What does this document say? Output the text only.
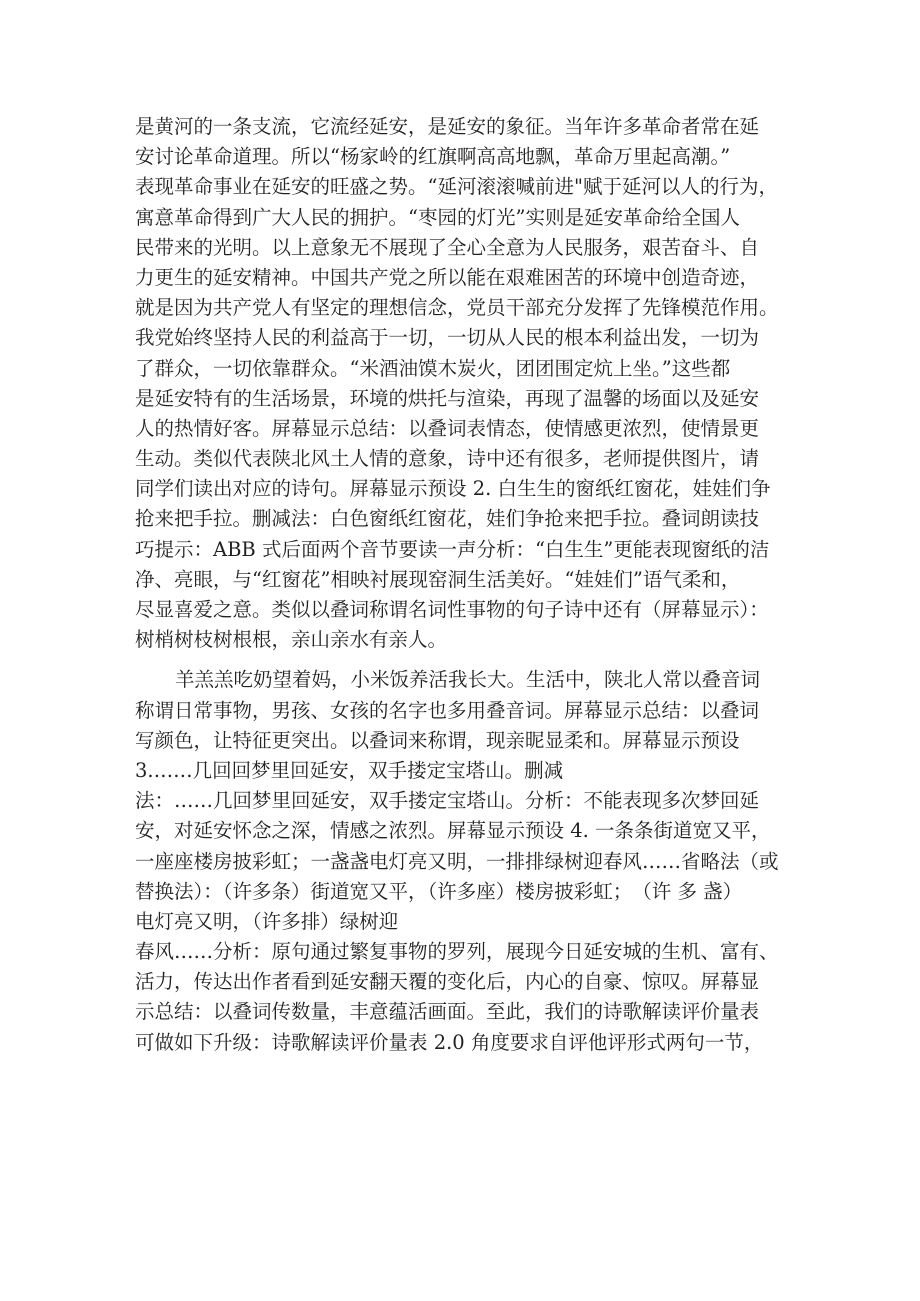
是黄河的一条支流，它流经延安，是延安的象征。当年许多革命者常在延
安讨论革命道理。所以“杨家岭的红旗啊高高地飘，革命万里起高潮。”
表现革命事业在延安的旺盛之势。“延河滚滚喊前进"赋于延河以人的行为，
寓意革命得到广大人民的拥护。“枣园的灯光”实则是延安革命给全国人
民带来的光明。以上意象无不展现了全心全意为人民服务，艰苦奋斗、自
力更生的延安精神。中国共产党之所以能在艰难困苦的环境中创造奇迹，
就是因为共产党人有坚定的理想信念，党员干部充分发挥了先锋模范作用。
我党始终坚持人民的利益高于一切，一切从人民的根本利益出发，一切为
了群众，一切依靠群众。“米酒油馍木炭火，团团围定炕上坐。”这些都
是延安特有的生活场景，环境的烘托与渲染，再现了温馨的场面以及延安
人的热情好客。屏幕显示总结：以叠词表情态，使情感更浓烈，使情景更
生动。类似代表陕北风土人情的意象，诗中还有很多，老师提供图片，请
同学们读出对应的诗句。屏幕显示预设 2. 白生生的窗纸红窗花，娃娃们争
抢来把手拉。删减法：白色窗纸红窗花，娃们争抢来把手拉。叠词朗读技
巧提示：ABB 式后面两个音节要读一声分析：“白生生”更能表现窗纸的洁
净、亮眼，与“红窗花”相映衬展现窑洞生活美好。“娃娃们”语气柔和，
尽显喜爱之意。类似以叠词称谓名词性事物的句子诗中还有（屏幕显示）：
树梢树枝树根根，亲山亲水有亲人。
羊羔羔吃奶望着妈，小米饭养活我长大。生活中，陕北人常以叠音词
称谓日常事物，男孩、女孩的名字也多用叠音词。屏幕显示总结：以叠词
写颜色，让特征更突出。以叠词来称谓，现亲昵显柔和。屏幕显示预设
3.……几回回梦里回延安，双手搂定宝塔山。删减
法：……几回梦里回延安，双手搂定宝塔山。分析：不能表现多次梦回延
安，对延安怀念之深，情感之浓烈。屏幕显示预设 4. 一条条街道宽又平，
一座座楼房披彩虹；一盏盏电灯亮又明，一排排绿树迎春风……省略法（或
替换法）：（许多条）街道宽又平，（许多座）楼房披彩虹；　（许 多 盏）
电灯亮又明，（许多排）绿树迎
春风……分析：原句通过繁复事物的罗列，展现今日延安城的生机、富有、
活力，传达出作者看到延安翻天覆的变化后，内心的自豪、惊叹。屏幕显
示总结：以叠词传数量，丰意蕴活画面。至此，我们的诗歌解读评价量表
可做如下升级：诗歌解读评价量表 2.0 角度要求自评他评形式两句一节，
